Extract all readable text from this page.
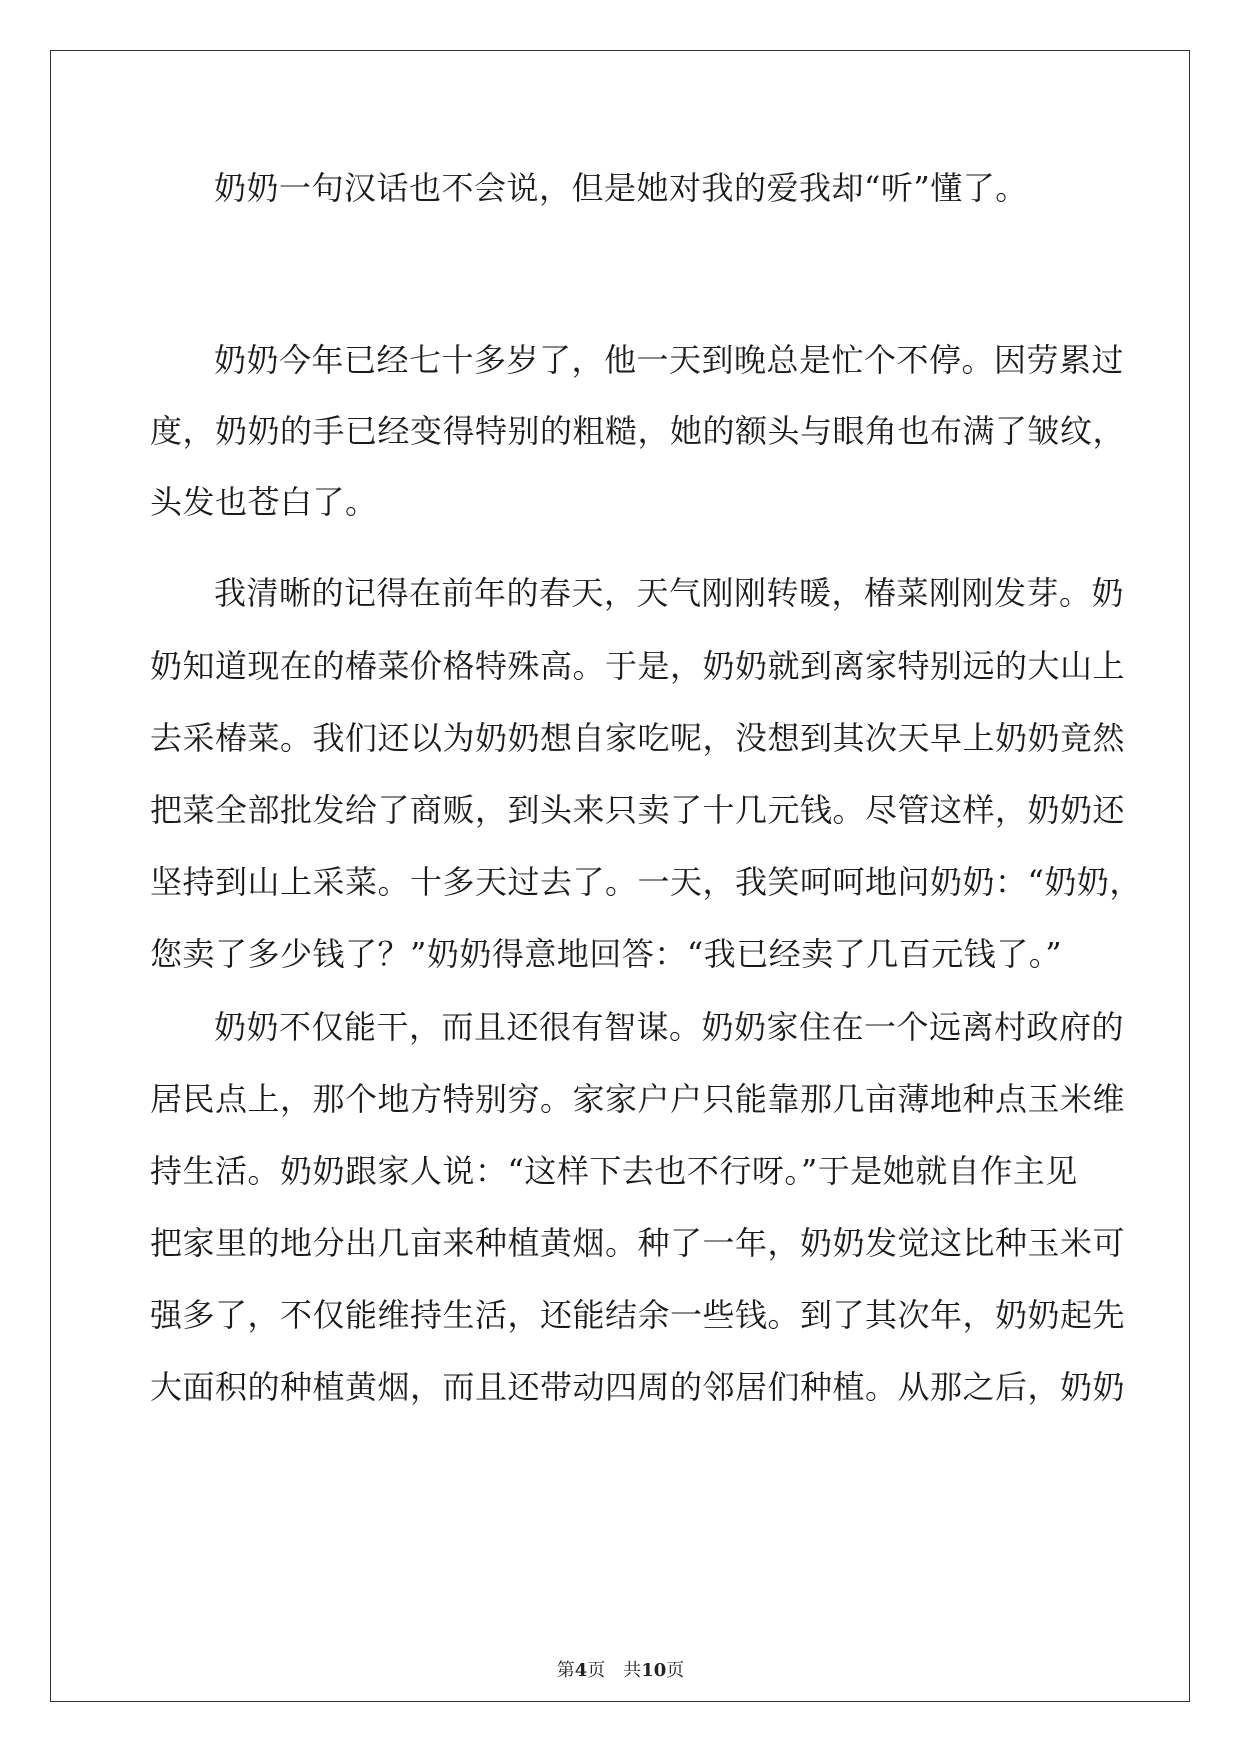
奶奶一句汉话也不会说，但是她对我的爱我却“听”懂了。
奶奶今年已经七十多岁了，他一天到晚总是忙个不停。因劳累过
度，奶奶的手已经变得特别的粗糙，她的额头与眼角也布满了皱纹，
头发也苍白了。
我清晰的记得在前年的春天，天气刚刚转暖，椿菜刚刚发芽。奶
奶知道现在的椿菜价格特殊高。于是，奶奶就到离家特别远的大山上
去采椿菜。我们还以为奶奶想自家吃呢，没想到其次天早上奶奶竟然
把菜全部批发给了商贩，到头来只卖了十几元钱。尽管这样，奶奶还
坚持到山上采菜。十多天过去了。一天，我笑呵呵地问奶奶：“奶奶，
您卖了多少钱了？”奶奶得意地回答：“我已经卖了几百元钱了。”
奶奶不仅能干，而且还很有智谋。奶奶家住在一个远离村政府的
居民点上，那个地方特别穷。家家户户只能靠那几亩薄地种点玉米维
持生活。奶奶跟家人说：“这样下去也不行呀。”于是她就自作主见
把家里的地分出几亩来种植黄烟。种了一年，奶奶发觉这比种玉米可
强多了，不仅能维持生活，还能结余一些钱。到了其次年，奶奶起先
大面积的种植黄烟，而且还带动四周的邻居们种植。从那之后，奶奶
第4页 共10页
